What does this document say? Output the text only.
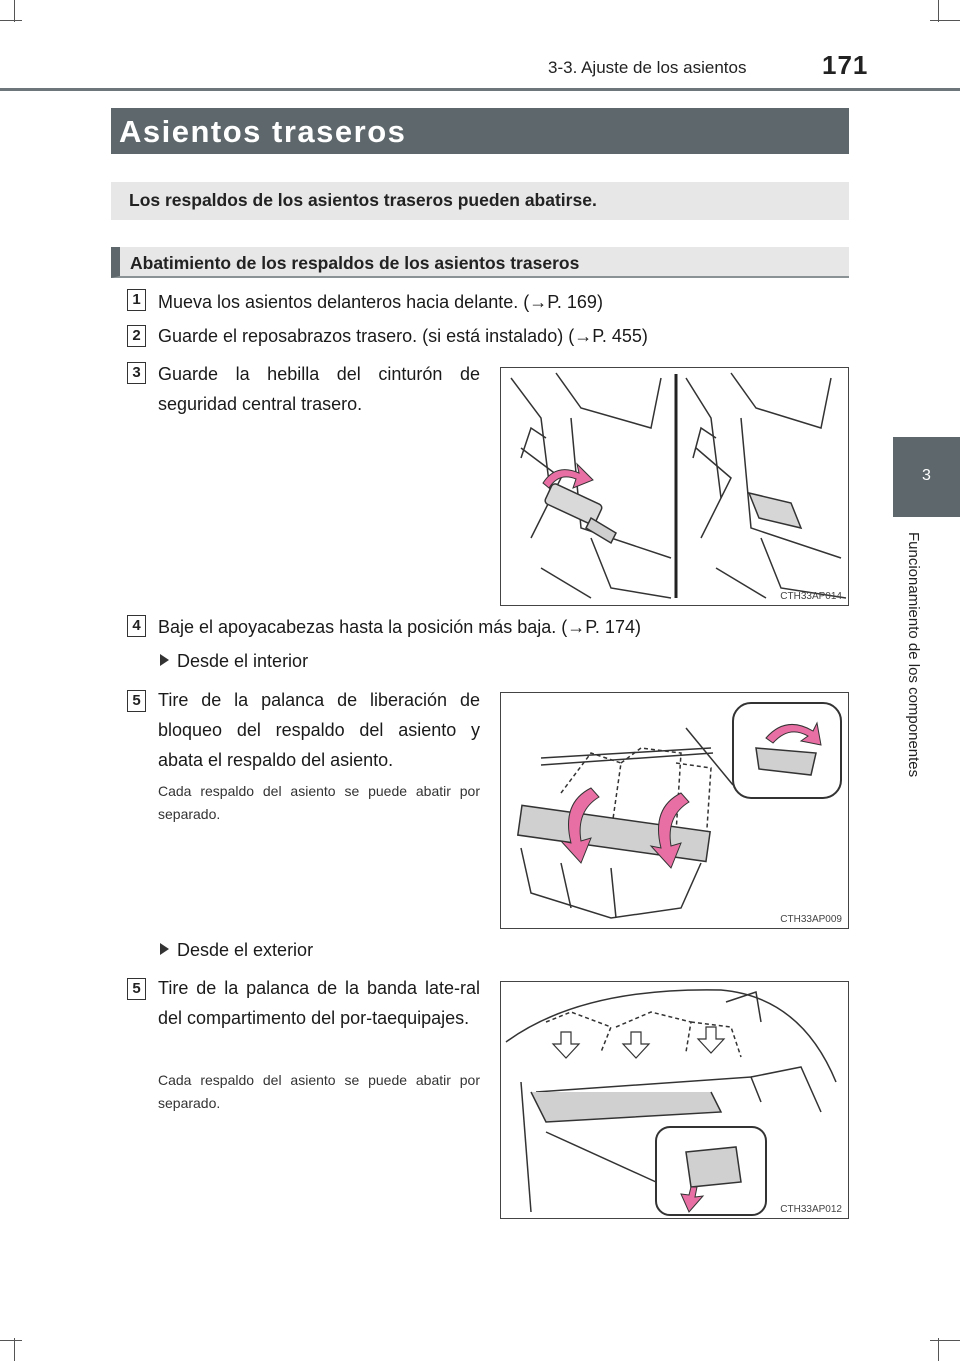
3-3. Ajuste de los asientos	171
3
Funcionamiento de los componentes
Asientos traseros
Los respaldos de los asientos traseros pueden abatirse.
Abatimiento de los respaldos de los asientos traseros
1 Mueva los asientos delanteros hacia delante. (→P. 169)
2 Guarde el reposabrazos trasero. (si está instalado) (→P. 455)
3 Guarde la hebilla del cinturón de seguridad central trasero.
CTH33AP014
4 Baje el apoyacabezas hasta la posición más baja. (→P. 174)
Desde el interior
5 Tire de la palanca de liberación de bloqueo del respaldo del asiento y abata el respaldo del asiento.
Cada respaldo del asiento se puede abatir por separado.
CTH33AP009
Desde el exterior
5 Tire de la palanca de la banda late-ral del compartimento del por-taequipajes.
Cada respaldo del asiento se puede abatir por separado.
CTH33AP012
